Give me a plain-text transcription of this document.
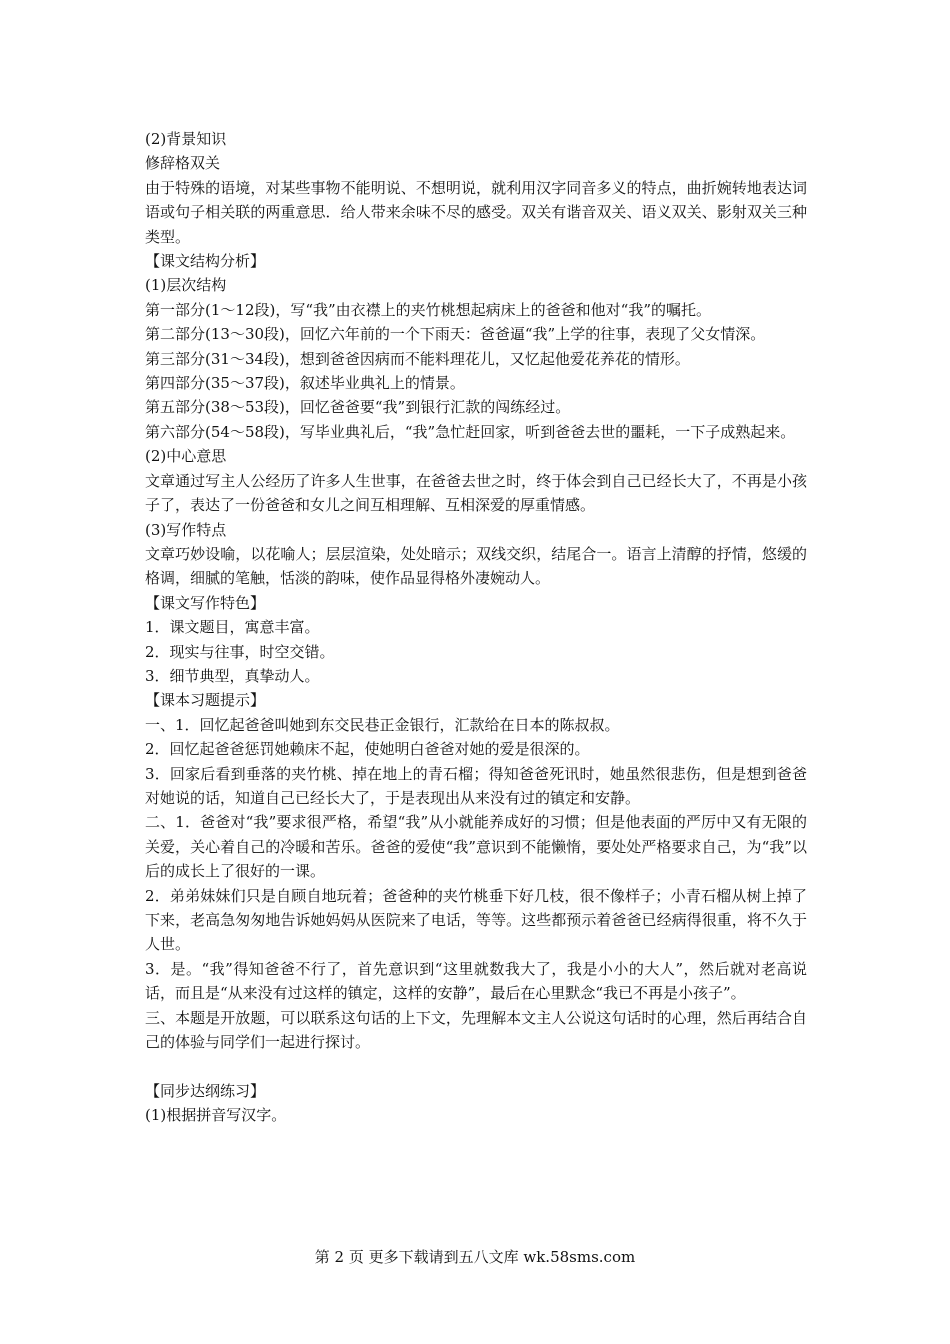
(2)背景知识

修辞格双关

由于特殊的语境，对某些事物不能明说、不想明说，就利用汉字同音多义的特点，曲折婉转地表达词语或句子相关联的两重意思．给人带来余味不尽的感受。双关有谐音双关、语义双关、影射双关三种类型。

【课文结构分析】

(1)层次结构

第一部分(1～12段)，写“我”由衣襟上的夹竹桃想起病床上的爸爸和他对“我”的嘱托。

第二部分(13～30段)，回忆六年前的一个下雨天：爸爸逼“我”上学的往事，表现了父女情深。

第三部分(31～34段)，想到爸爸因病而不能料理花儿，又忆起他爱花养花的情形。

第四部分(35～37段)，叙述毕业典礼上的情景。

第五部分(38～53段)，回忆爸爸要“我”到银行汇款的闯练经过。

第六部分(54～58段)，写毕业典礼后，“我”急忙赶回家，听到爸爸去世的噩耗，一下子成熟起来。

(2)中心意思

文章通过写主人公经历了许多人生世事，在爸爸去世之时，终于体会到自己已经长大了，不再是小孩子了，表达了一份爸爸和女儿之间互相理解、互相深爱的厚重情感。

(3)写作特点

文章巧妙设喻，以花喻人；层层渲染，处处暗示；双线交织，结尾合一。语言上清醇的抒情，悠缓的格调，细腻的笔触，恬淡的韵味，使作品显得格外凄婉动人。

【课文写作特色】

1．课文题目，寓意丰富。

2．现实与往事，时空交错。

3．细节典型，真挚动人。

【课本习题提示】

一、1．回忆起爸爸叫她到东交民巷正金银行，汇款给在日本的陈叔叔。

2．回忆起爸爸惩罚她赖床不起，使她明白爸爸对她的爱是很深的。

3．回家后看到垂落的夹竹桃、掉在地上的青石榴；得知爸爸死讯时，她虽然很悲伤，但是想到爸爸对她说的话，知道自己已经长大了，于是表现出从来没有过的镇定和安静。

二、1．爸爸对“我”要求很严格，希望“我”从小就能养成好的习惯；但是他表面的严厉中又有无限的关爱，关心着自己的冷暖和苦乐。爸爸的爱使“我”意识到不能懒惰，要处处严格要求自己，为“我”以后的成长上了很好的一课。

2．弟弟妹妹们只是自顾自地玩着；爸爸种的夹竹桃垂下好几枝，很不像样子；小青石榴从树上掉了下来，老高急匆匆地告诉她妈妈从医院来了电话，等等。这些都预示着爸爸已经病得很重，将不久于人世。

3．是。“我”得知爸爸不行了，首先意识到“这里就数我大了，我是小小的大人”，然后就对老高说话，而且是“从来没有过这样的镇定，这样的安静”，最后在心里默念“我已不再是小孩子”。

三、本题是开放题，可以联系这句话的上下文，先理解本文主人公说这句话时的心理，然后再结合自己的体验与同学们一起进行探讨。

【同步达纲练习】

(1)根据拼音写汉字。

第 2 页 更多下载请到五八文库 wk.58sms.com
